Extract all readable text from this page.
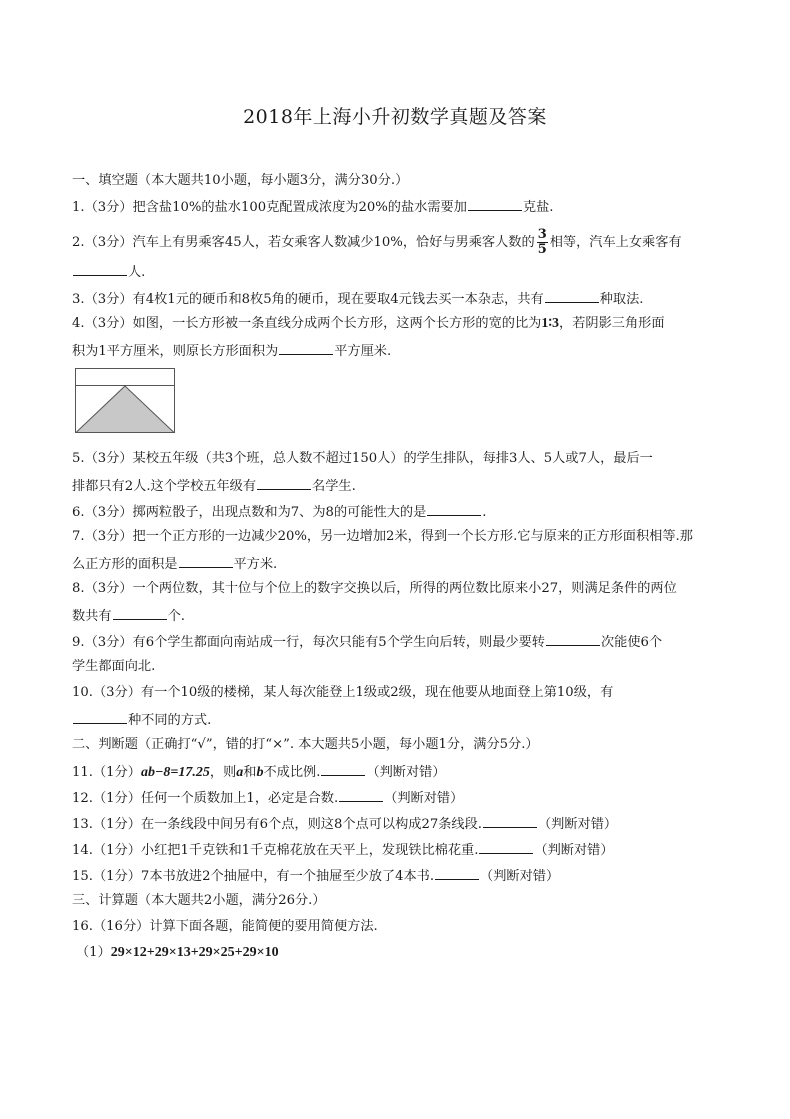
2018年上海小升初数学真题及答案
一、填空题（本大题共10小题，每小题3分，满分30分.）
1.（3分）把含盐10%的盐水100克配置成浓度为20%的盐水需要加	克盐.
2.（3分）汽车上有男乘客45人，若女乘客人数减少10%，恰好与男乘客人数的 $\frac{3}{5}$ 相等，汽车上女乘客有
人.
3.（3分）有4枚1元的硬币和8枚5角的硬币，现在要取4元钱去买一本杂志，共有	种取法.
4.（3分）如图，一长方形被一条直线分成两个长方形，这两个长方形的宽的比为1∶3，若阴影三角形面
积为1平方厘米，则原长方形面积为	平方厘米.
5.（3分）某校五年级（共3个班，总人数不超过150人）的学生排队，每排3人、5人或7人，最后一
排都只有2人.这个学校五年级有	名学生.
6.（3分）掷两粒骰子，出现点数和为7、为8的可能性大的是	.
7.（3分）把一个正方形的一边减少20%，另一边增加2米，得到一个长方形.它与原来的正方形面积相等.那
么正方形的面积是	平方米.
8.（3分）一个两位数，其十位与个位上的数字交换以后，所得的两位数比原来小27，则满足条件的两位
数共有	个.
9.（3分）有6个学生都面向南站成一行，每次只能有5个学生向后转，则最少要转	次能使6个
学生都面向北.
10.（3分）有一个10级的楼梯，某人每次能登上1级或2级，现在他要从地面登上第10级，有
种不同的方式.
二、判断题（正确打“√”，错的打“×”. 本大题共5小题，每小题1分，满分5分.）
11.（1分）ab−8=17.25，则a和b不成比例.	（判断对错）
12.（1分）任何一个质数加上1，必定是合数.	（判断对错）
13.（1分）在一条线段中间另有6个点，则这8个点可以构成27条线段.	（判断对错）
14.（1分）小红把1千克铁和1千克棉花放在天平上，发现铁比棉花重.	（判断对错）
15.（1分）7本书放进2个抽屉中，有一个抽屉至少放了4本书.	（判断对错）
三、计算题（本大题共2小题，满分26分.）
16.（16分）计算下面各题，能简便的要用简便方法.
（1）29×12+29×13+29×25+29×10
